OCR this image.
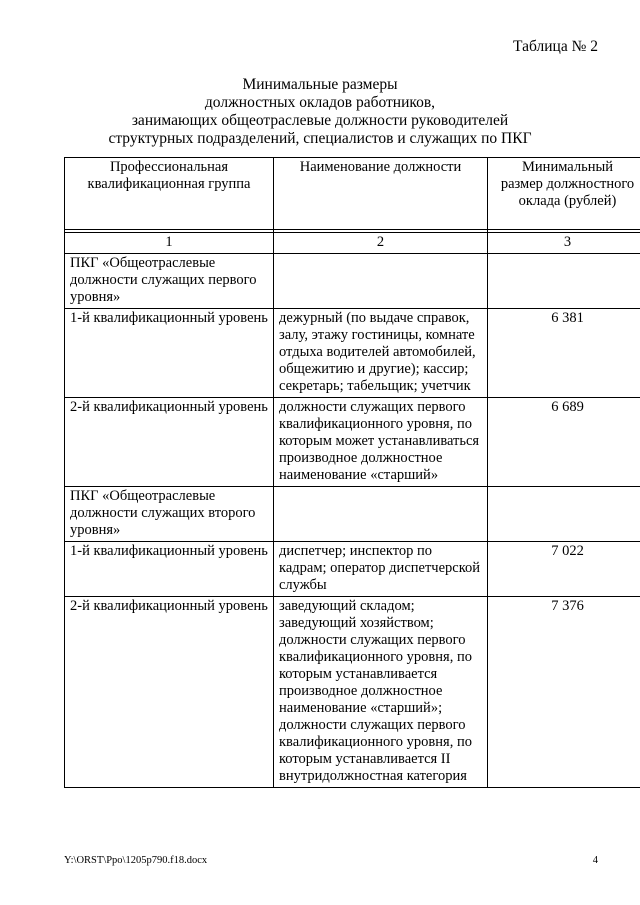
Таблица № 2
Минимальные размеры
должностных окладов работников,
занимающих общеотраслевые должности руководителей
структурных подразделений, специалистов и служащих по ПКГ
Профессиональная квалификационная группа	Наименование должности	Минимальный размер должностного оклада (рублей)

1	2	3
ПКГ «Общеотраслевые должности служащих первого уровня»		
1-й квалификационный уровень	дежурный (по выдаче справок, залу, этажу гостиницы, комнате отдыха водителей автомобилей, общежитию и другие); кассир; секретарь; табельщик; учетчик	6 381
2-й квалификационный уровень	должности служащих первого квалификационного уровня, по которым может устанавливаться производное должностное наименование «старший»	6 689
ПКГ «Общеотраслевые должности служащих второго уровня»		
1-й квалификационный уровень	диспетчер; инспектор по кадрам; оператор диспетчерской службы	7 022
2-й квалификационный уровень	заведующий складом; заведующий хозяйством; должности служащих первого квалификационного уровня, по которым устанавливается производное должностное наименование «старший»; должности служащих первого квалификационного уровня, по которым устанавливается II внутридолжностная категория	7 376
Y:\ORST\Ppo\1205p790.f18.docx	4
